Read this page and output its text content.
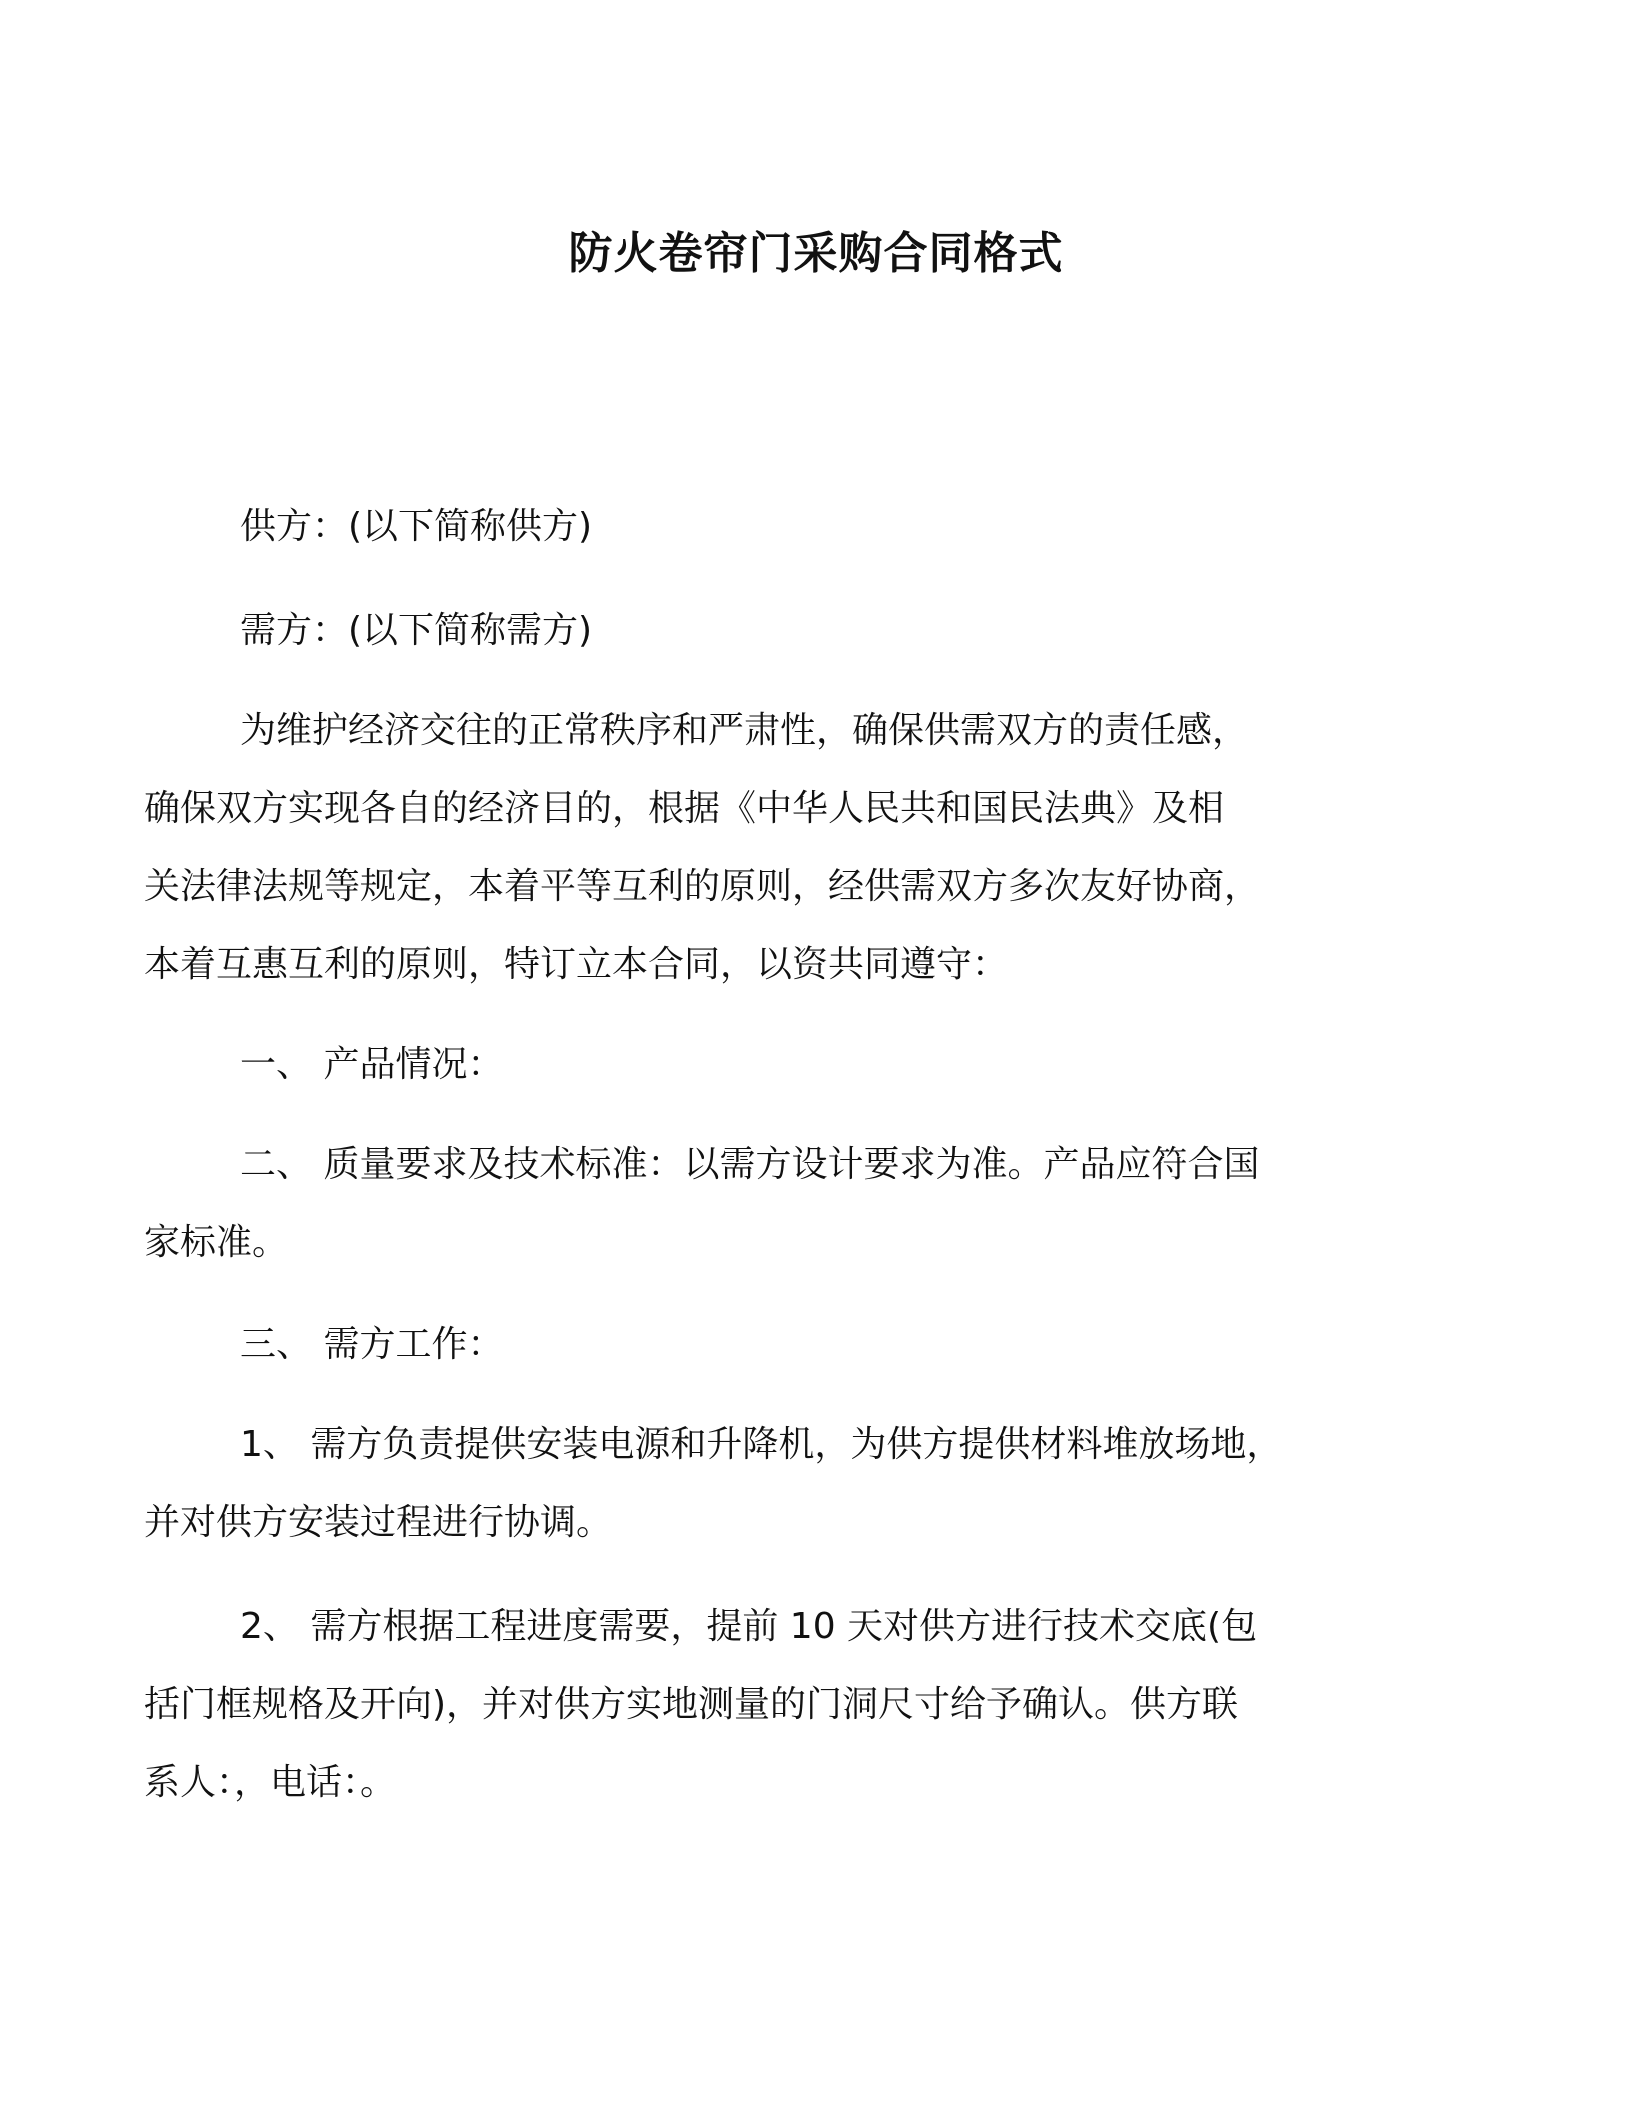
防火卷帘门采购合同格式

供方：(以下简称供方)

需方：(以下简称需方)

为维护经济交往的正常秩序和严肃性，确保供需双方的责任感，
确保双方实现各自的经济目的，根据《中华人民共和国民法典》及相
关法律法规等规定，本着平等互利的原则，经供需双方多次友好协商，
本着互惠互利的原则，特订立本合同，以资共同遵守：

一、 产品情况：

二、 质量要求及技术标准：以需方设计要求为准。产品应符合国
家标准。

三、 需方工作：

1、 需方负责提供安装电源和升降机，为供方提供材料堆放场地，
并对供方安装过程进行协调。

2、 需方根据工程进度需要，提前 10 天对供方进行技术交底(包
括门框规格及开向)，并对供方实地测量的门洞尺寸给予确认。供方联
系人：，电话：。
